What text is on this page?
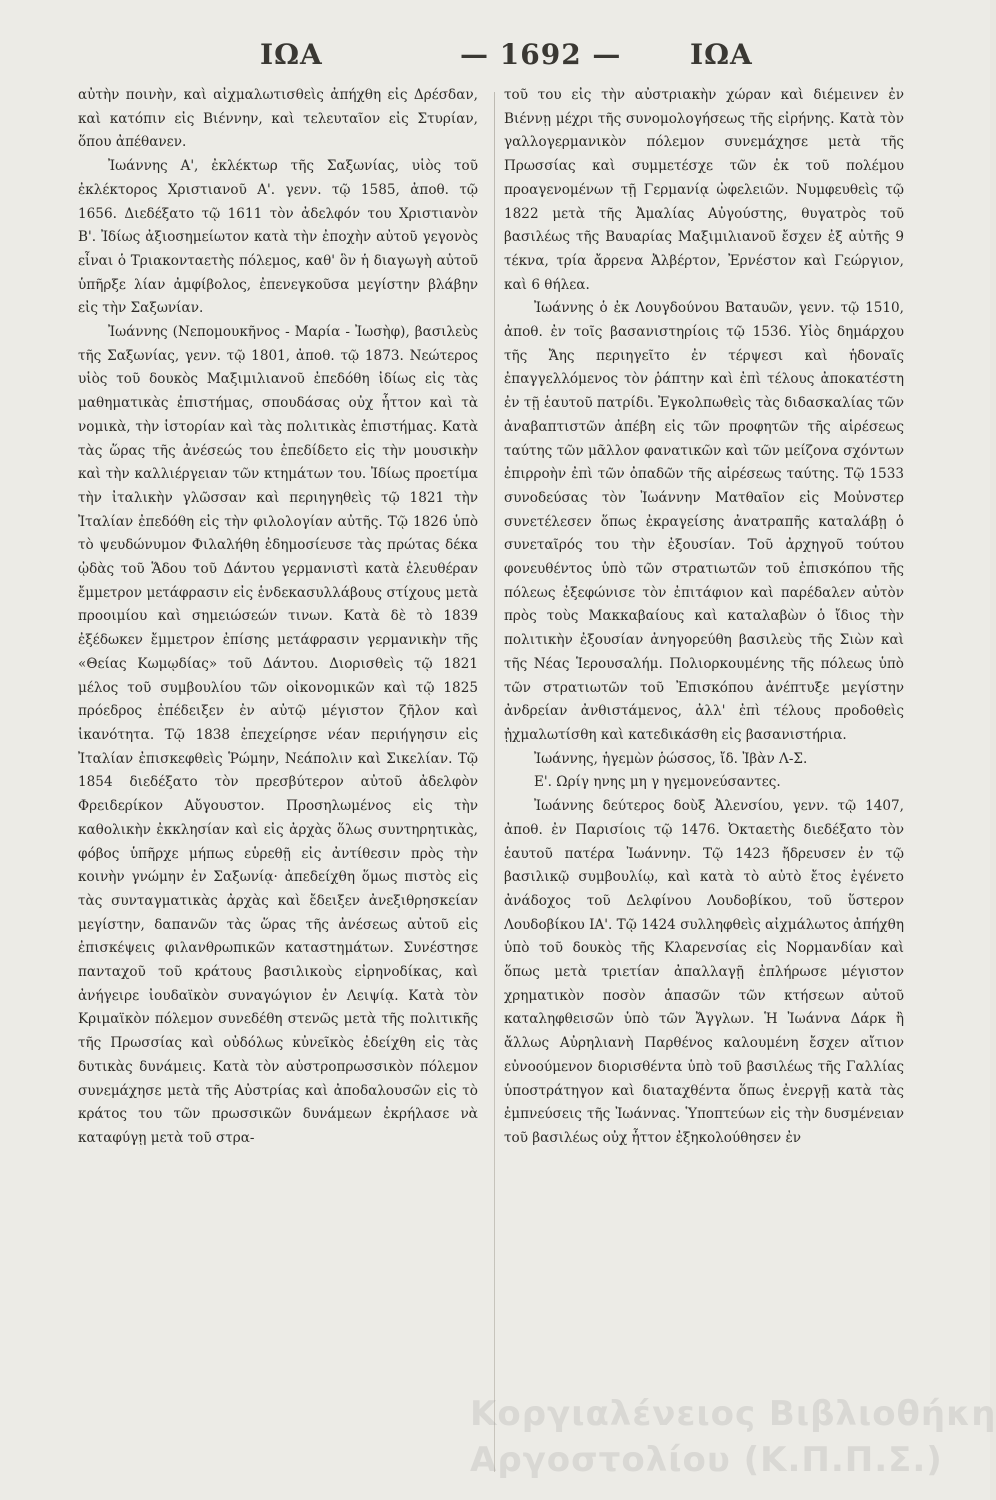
ΙΩΑ	— 1692 — ΙΩΑ

αὐτὴν ποινὴν, καὶ αἰχμαλωτισθεὶς ἀπήχθη εἰς Δρέσδαν, καὶ κατόπιν εἰς Βιέννην, καὶ τελευταῖον εἰς Στυρίαν, ὅπου ἀπέθανεν.

Ἰωάννης Α', ἐκλέκτωρ τῆς Σαξωνίας, υἱὸς τοῦ ἐκλέκτορος Χριστιανοῦ Α'. γενν. τῷ 1585, ἀποθ. τῷ 1656. Διεδέξατο τῷ 1611 τὸν ἀδελφόν του Χριστιανὸν Β'. Ἰδίως ἀξιοσημείωτον κατὰ τὴν ἐποχὴν αὐτοῦ γεγονὸς εἶναι ὁ Τριακονταετὴς πόλεμος, καθ' ὃν ἡ διαγωγὴ αὐτοῦ ὑπῆρξε λίαν ἀμφίβολος, ἐπενεγκοῦσα μεγίστην βλάβην εἰς τὴν Σαξωνίαν.

Ἰωάννης (Νεπομουκῆνος - Μαρία - Ἰωσὴφ), βασιλεὺς τῆς Σαξωνίας, γενν. τῷ 1801, ἀποθ. τῷ 1873. Νεώτερος υἱὸς τοῦ δουκὸς Μαξιμιλιανοῦ ἐπεδόθη ἰδίως εἰς τὰς μαθηματικὰς ἐπιστήμας, σπουδάσας οὐχ ἧττον καὶ τὰ νομικὰ, τὴν ἱστορίαν καὶ τὰς πολιτικὰς ἐπιστήμας. Κατὰ τὰς ὥρας τῆς ἀνέσεώς του ἐπεδίδετο εἰς τὴν μουσικὴν καὶ τὴν καλλιέργειαν τῶν κτημάτων του. Ἰδίως προετίμα τὴν ἰταλικὴν γλῶσσαν καὶ περιηγηθεὶς τῷ 1821 τὴν Ἰταλίαν ἐπεδόθη εἰς τὴν φιλολογίαν αὐτῆς. Τῷ 1826 ὑπὸ τὸ ψευδώνυμον Φιλαλήθη ἐδημοσίευσε τὰς πρώτας δέκα ᾠδὰς τοῦ Ἅδου τοῦ Δάντου γερμανιστὶ κατὰ ἐλευθέραν ἔμμετρον μετάφρασιν εἰς ἑνδεκασυλλάβους στίχους μετὰ προοιμίου καὶ σημειώσεών τινων. Κατὰ δὲ τὸ 1839 ἐξέδωκεν ἔμμετρον ἐπίσης μετάφρασιν γερμανικὴν τῆς «Θείας Κωμῳδίας» τοῦ Δάντου. Διορισθεὶς τῷ 1821 μέλος τοῦ συμβουλίου τῶν οἰκονομικῶν καὶ τῷ 1825 πρόεδρος ἐπέδειξεν ἐν αὐτῷ μέγιστον ζῆλον καὶ ἱκανότητα. Τῷ 1838 ἐπεχείρησε νέαν περιήγησιν εἰς Ἰταλίαν ἐπισκεφθεὶς Ῥώμην, Νεάπολιν καὶ Σικελίαν. Τῷ 1854 διεδέξατο τὸν πρεσβύτερον αὐτοῦ ἀδελφὸν Φρειδερίκον Αὔγουστον. Προσηλωμένος εἰς τὴν καθολικὴν ἐκκλησίαν καὶ εἰς ἀρχὰς ὅλως συντηρητικὰς, φόβος ὑπῆρχε μήπως εὑρεθῇ εἰς ἀντίθεσιν πρὸς τὴν κοινὴν γνώμην ἐν Σαξωνίᾳ· ἀπεδείχθη ὅμως πιστὸς εἰς τὰς συνταγματικὰς ἀρχὰς καὶ ἔδειξεν ἀνεξιθρησκείαν μεγίστην, δαπανῶν τὰς ὥρας τῆς ἀνέσεως αὐτοῦ εἰς ἐπισκέψεις φιλανθρωπικῶν καταστημάτων. Συνέστησε πανταχοῦ τοῦ κράτους βασιλικοὺς εἰρηνοδίκας, καὶ ἀνήγειρε ἰουδαϊκὸν συναγώγιον ἐν Λειψίᾳ. Κατὰ τὸν Κριμαϊκὸν πόλεμον συνεδέθη στενῶς μετὰ τῆς πολιτικῆς τῆς Πρωσσίας καὶ οὐδόλως κὐνεῖκὸς ἐδείχθη εἰς τὰς δυτικὰς δυνάμεις. Κατὰ τὸν αὐστροπρωσσικὸν πόλεμον συνεμάχησε μετὰ τῆς Αὐστρίας καὶ ἀποδαλουσῶν εἰς τὸ κράτος του τῶν πρωσσικῶν δυνάμεων ἐκρήλασε νὰ καταφύγῃ μετὰ τοῦ στρα-

τοῦ του εἰς τὴν αὐστριακὴν χώραν καὶ διέμεινεν ἐν Βιέννῃ μέχρι τῆς συνομολογήσεως τῆς εἰρήνης. Κατὰ τὸν γαλλογερμανικὸν πόλεμον συνεμάχησε μετὰ τῆς Πρωσσίας καὶ συμμετέσχε τῶν ἐκ τοῦ πολέμου προαγενομένων τῇ Γερμανίᾳ ὠφελειῶν. Νυμφευθεὶς τῷ 1822 μετὰ τῆς Ἀμαλίας Αὐγούστης, θυγατρὸς τοῦ βασιλέως τῆς Βαυαρίας Μαξιμιλιανοῦ ἔσχεν ἐξ αὐτῆς 9 τέκνα, τρία ἄρρενα Ἀλβέρτον, Ἐρνέστον καὶ Γεώργιον, καὶ 6 θήλεα.

Ἰωάννης ὁ ἐκ Λουγδούνου Βαταυῶν, γενν. τῷ 1510, ἀποθ. ἐν τοῖς βασανιστηρίοις τῷ 1536. Υἱὸς δημάρχου τῆς Ἄης περιηγεῖτο ἐν τέρψεσι καὶ ἡδοναῖς ἐπαγγελλόμενος τὸν ῥάπτην καὶ ἐπὶ τέλους ἀποκατέστη ἐν τῇ ἑαυτοῦ πατρίδι. Ἐγκολπωθεὶς τὰς διδασκαλίας τῶν ἀναβαπτιστῶν ἀπέβη εἰς τῶν προφητῶν τῆς αἱρέσεως ταύτης τῶν μᾶλλον φανατικῶν καὶ τῶν μείζονα σχόντων ἐπιρροὴν ἐπὶ τῶν ὀπαδῶν τῆς αἱρέσεως ταύτης. Τῷ 1533 συνοδεύσας τὸν Ἰωάννην Ματθαῖον εἰς Μοὐνστερ συνετέλεσεν ὅπως ἐκραγείσης ἀνατραπῆς καταλάβῃ ὁ συνεταῖρός του τὴν ἐξουσίαν. Τοῦ ἀρχηγοῦ τούτου φονευθέντος ὑπὸ τῶν στρατιωτῶν τοῦ ἐπισκόπου τῆς πόλεως ἐξεφώνισε τὸν ἐπιτάφιον καὶ παρέδαλεν αὐτὸν πρὸς τοὺς Μακκαβαίους καὶ καταλαβὼν ὁ ἴδιος τὴν πολιτικὴν ἐξουσίαν ἀνηγορεύθη βασιλεὺς τῆς Σιὼν καὶ τῆς Νέας Ἱερουσαλήμ. Πολιορκουμένης τῆς πόλεως ὑπὸ τῶν στρατιωτῶν τοῦ Ἐπισκόπου ἀνέπτυξε μεγίστην ἀνδρείαν ἀνθιστάμενος, ἀλλ' ἐπὶ τέλους προδοθεὶς ᾐχμαλωτίσθη καὶ κατεδικάσθη εἰς βασανιστήρια.

Ἰωάννης, ἡγεμὼν ῥώσσος, ἴδ. Ἰβὰν Λ-Σ.

Ε'. Ωρίγ ηνης μη γ ηγεμονεύσαντες.

Ἰωάννης δεύτερος δοὺξ Ἀλενσίου, γενν. τῷ 1407, ἀποθ. ἐν Παρισίοις τῷ 1476. Ὀκταετὴς διεδέξατο τὸν ἑαυτοῦ πατέρα Ἰωάννην. Τῷ 1423 ἤδρευσεν ἐν τῷ βασιλικῷ συμβουλίῳ, καὶ κατὰ τὸ αὐτὸ ἔτος ἐγένετο ἀνάδοχος τοῦ Δελφίνου Λουδοβίκου, τοῦ ὕστερον Λουδοβίκου ΙΑ'. Τῷ 1424 συλληφθεὶς αἰχμάλωτος ἀπήχθη ὑπὸ τοῦ δουκὸς τῆς Κλαρενσίας εἰς Νορμανδίαν καὶ ὅπως μετὰ τριετίαν ἀπαλλαγῇ ἐπλήρωσε μέγιστον χρηματικὸν ποσὸν ἁπασῶν τῶν κτήσεων αὐτοῦ καταληφθεισῶν ὑπὸ τῶν Ἄγγλων. Ἡ Ἰωάννα Δάρκ ἢ ἄλλως Αὐρηλιανὴ Παρθένος καλουμένη ἔσχεν αἴτιον εὐνοούμενον διορισθέντα ὑπὸ τοῦ βασιλέως τῆς Γαλλίας ὑποστράτηγον καὶ διαταχθέντα ὅπως ἐνεργῇ κατὰ τὰς ἐμπνεύσεις τῆς Ἰωάννας. Ὑποπτεύων εἰς τὴν δυσμένειαν τοῦ βασιλέως οὐχ ἧττον ἐξηκολούθησεν ἐν

Κοργιαλένειος Βιβλιοθήκη
Αργοστολίου (Κ.Π.Π.Σ.)
